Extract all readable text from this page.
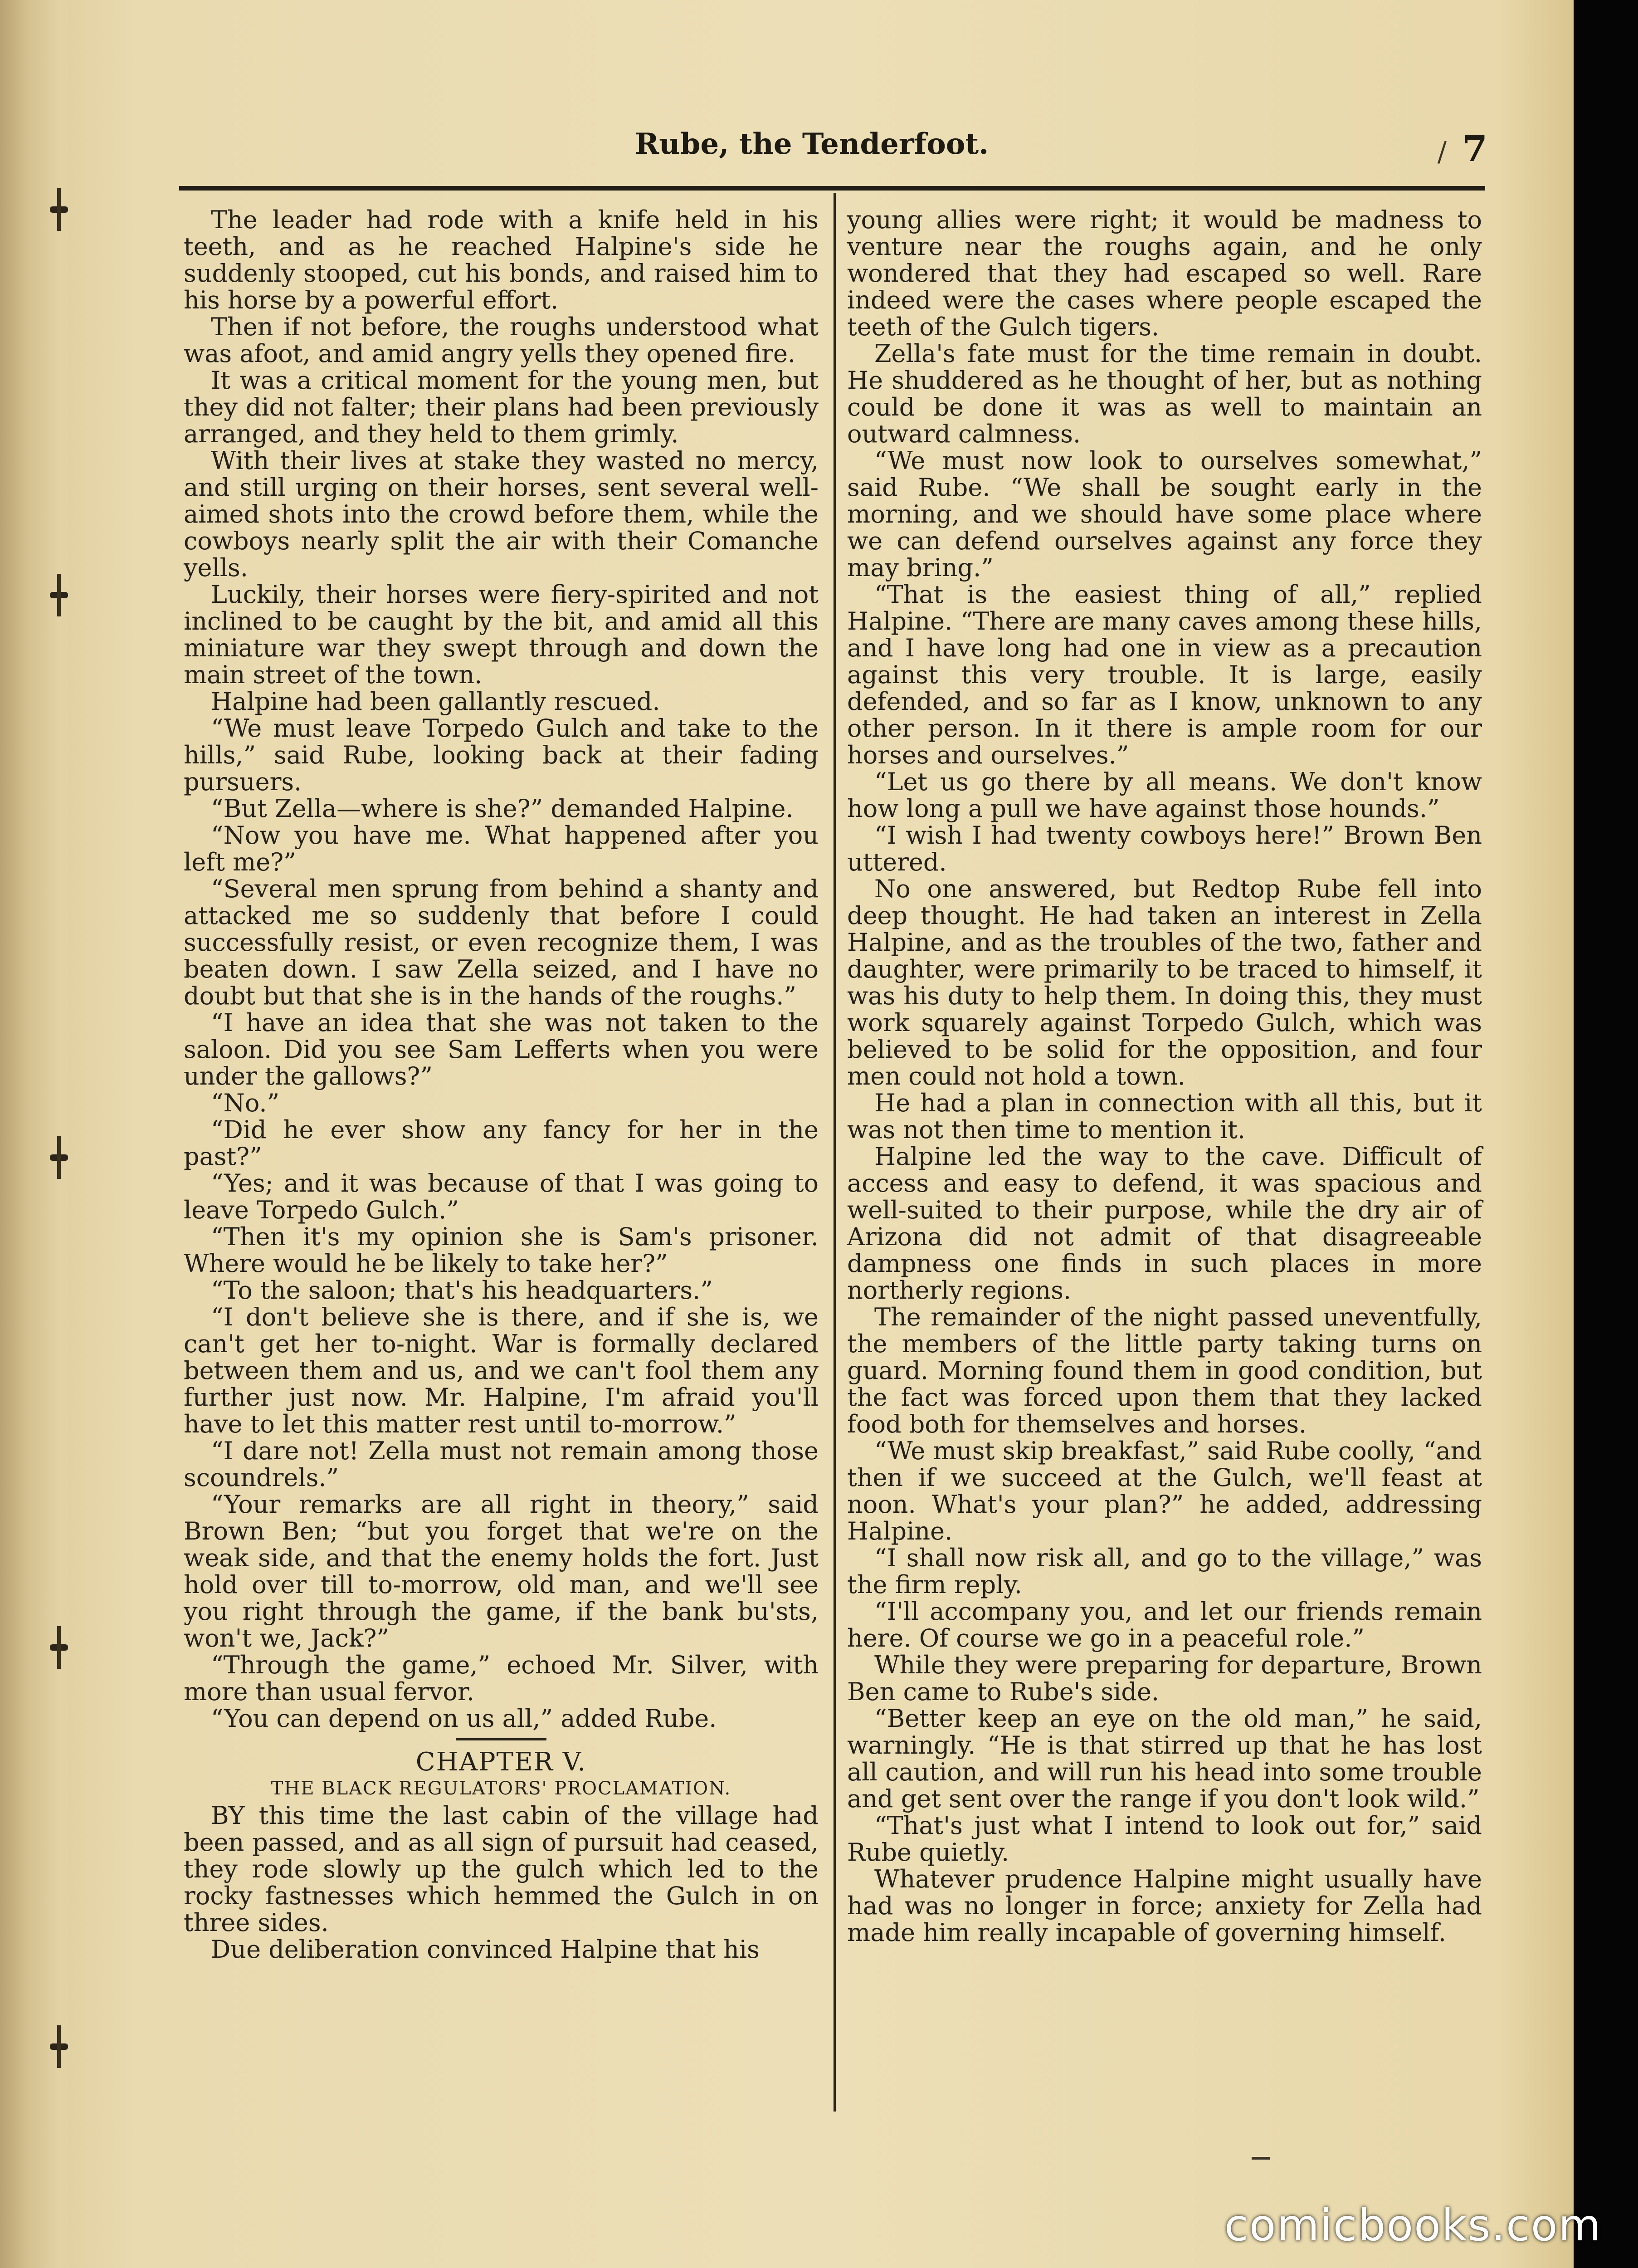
Rube, the Tenderfoot.	/ 7

The leader had rode with a knife held in his teeth, and as he reached Halpine's side he suddenly stooped, cut his bonds, and raised him to his horse by a powerful effort.

Then if not before, the roughs understood what was afoot, and amid angry yells they opened fire.

It was a critical moment for the young men, but they did not falter; their plans had been previously arranged, and they held to them grimly.

With their lives at stake they wasted no mercy, and still urging on their horses, sent several well-aimed shots into the crowd before them, while the cowboys nearly split the air with their Comanche yells.

Luckily, their horses were fiery-spirited and not inclined to be caught by the bit, and amid all this miniature war they swept through and down the main street of the town.

Halpine had been gallantly rescued.

“We must leave Torpedo Gulch and take to the hills,” said Rube, looking back at their fading pursuers.

“But Zella—where is she?” demanded Halpine.

“Now you have me. What happened after you left me?”

“Several men sprung from behind a shanty and attacked me so suddenly that before I could successfully resist, or even recognize them, I was beaten down. I saw Zella seized, and I have no doubt but that she is in the hands of the roughs.”

“I have an idea that she was not taken to the saloon. Did you see Sam Lefferts when you were under the gallows?”

“No.”

“Did he ever show any fancy for her in the past?”

“Yes; and it was because of that I was going to leave Torpedo Gulch.”

“Then it's my opinion she is Sam's prisoner. Where would he be likely to take her?”

“To the saloon; that's his headquarters.”

“I don't believe she is there, and if she is, we can't get her to-night. War is formally declared between them and us, and we can't fool them any further just now. Mr. Halpine, I'm afraid you'll have to let this matter rest until to-morrow.”

“I dare not! Zella must not remain among those scoundrels.”

“Your remarks are all right in theory,” said Brown Ben; “but you forget that we're on the weak side, and that the enemy holds the fort. Just hold over till to-morrow, old man, and we'll see you right through the game, if the bank bu'sts, won't we, Jack?”

“Through the game,” echoed Mr. Silver, with more than usual fervor.

“You can depend on us all,” added Rube.

CHAPTER V.

THE BLACK REGULATORS' PROCLAMATION.

BY this time the last cabin of the village had been passed, and as all sign of pursuit had ceased, they rode slowly up the gulch which led to the rocky fastnesses which hemmed the Gulch in on three sides.

Due deliberation convinced Halpine that his

young allies were right; it would be madness to venture near the roughs again, and he only wondered that they had escaped so well. Rare indeed were the cases where people escaped the teeth of the Gulch tigers.

Zella's fate must for the time remain in doubt. He shuddered as he thought of her, but as nothing could be done it was as well to maintain an outward calmness.

“We must now look to ourselves somewhat,” said Rube. “We shall be sought early in the morning, and we should have some place where we can defend ourselves against any force they may bring.”

“That is the easiest thing of all,” replied Halpine. “There are many caves among these hills, and I have long had one in view as a precaution against this very trouble. It is large, easily defended, and so far as I know, unknown to any other person. In it there is ample room for our horses and ourselves.”

“Let us go there by all means. We don't know how long a pull we have against those hounds.”

“I wish I had twenty cowboys here!” Brown Ben uttered.

No one answered, but Redtop Rube fell into deep thought. He had taken an interest in Zella Halpine, and as the troubles of the two, father and daughter, were primarily to be traced to himself, it was his duty to help them. In doing this, they must work squarely against Torpedo Gulch, which was believed to be solid for the opposition, and four men could not hold a town.

He had a plan in connection with all this, but it was not then time to mention it.

Halpine led the way to the cave. Difficult of access and easy to defend, it was spacious and well-suited to their purpose, while the dry air of Arizona did not admit of that disagreeable dampness one finds in such places in more northerly regions.

The remainder of the night passed uneventfully, the members of the little party taking turns on guard. Morning found them in good condition, but the fact was forced upon them that they lacked food both for themselves and horses.

“We must skip breakfast,” said Rube coolly, “and then if we succeed at the Gulch, we'll feast at noon. What's your plan?” he added, addressing Halpine.

“I shall now risk all, and go to the village,” was the firm reply.

“I'll accompany you, and let our friends remain here. Of course we go in a peaceful role.”

While they were preparing for departure, Brown Ben came to Rube's side.

“Better keep an eye on the old man,” he said, warningly. “He is that stirred up that he has lost all caution, and will run his head into some trouble and get sent over the range if you don't look wild.”

“That's just what I intend to look out for,” said Rube quietly.

Whatever prudence Halpine might usually have had was no longer in force; anxiety for Zella had made him really incapable of governing himself.

comicbooks.com
